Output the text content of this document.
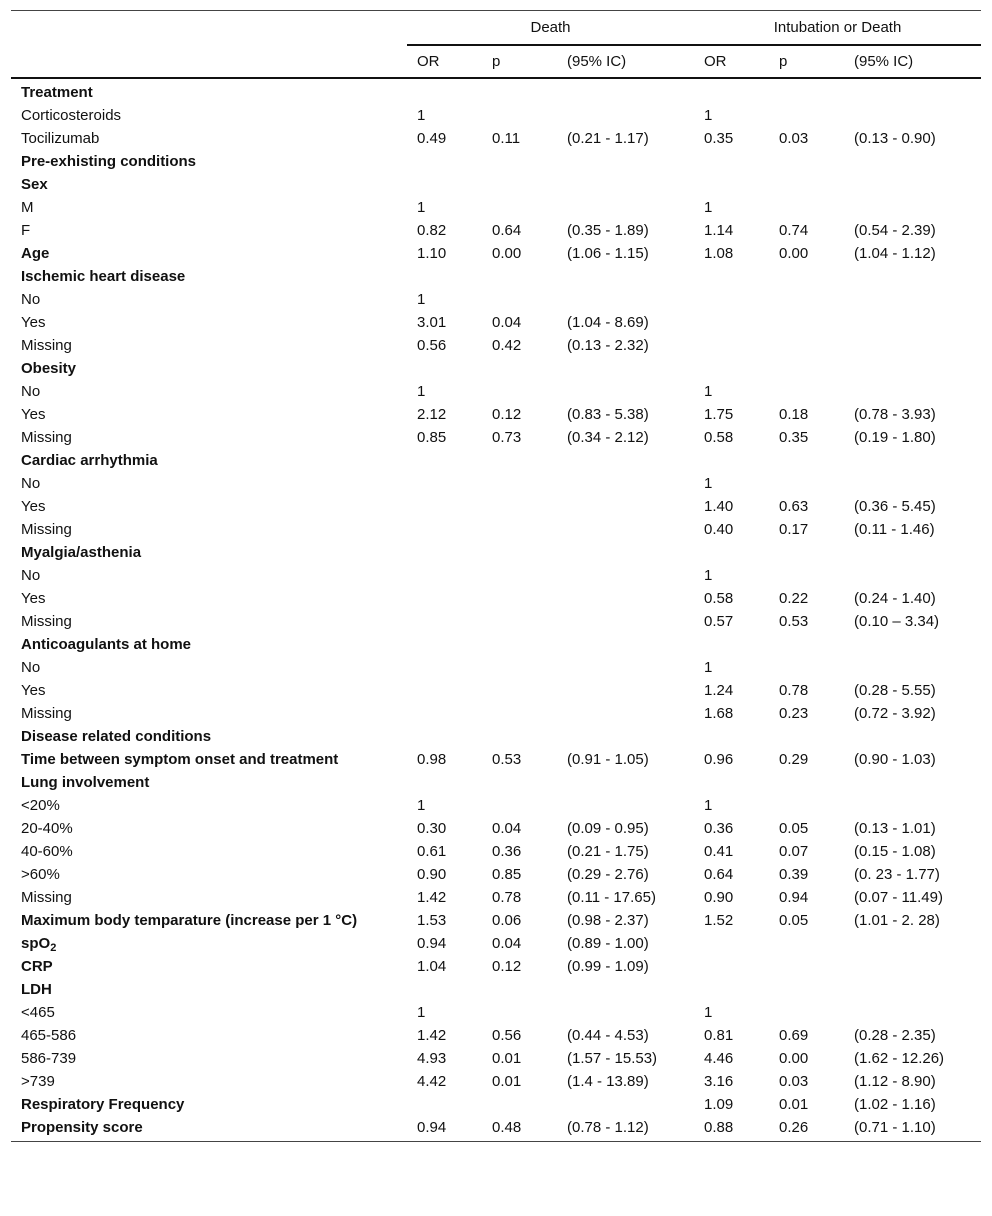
	Death			Intubation or Death		
	OR	p	(95% IC)	OR	p	(95% IC)
Treatment						
Corticosteroids	1			1		
Tocilizumab	0.49	0.11	(0.21 - 1.17)	0.35	0.03	(0.13 - 0.90)
Pre-exhisting conditions						
Sex						
M	1			1		
F	0.82	0.64	(0.35 - 1.89)	1.14	0.74	(0.54 - 2.39)
Age	1.10	0.00	(1.06 - 1.15)	1.08	0.00	(1.04 - 1.12)
Ischemic heart disease						
No	1					
Yes	3.01	0.04	(1.04 - 8.69)			
Missing	0.56	0.42	(0.13 - 2.32)			
Obesity						
No	1			1		
Yes	2.12	0.12	(0.83 - 5.38)	1.75	0.18	(0.78 - 3.93)
Missing	0.85	0.73	(0.34 - 2.12)	0.58	0.35	(0.19 - 1.80)
Cardiac arrhythmia						
No				1		
Yes				1.40	0.63	(0.36 - 5.45)
Missing				0.40	0.17	(0.11 - 1.46)
Myalgia/asthenia						
No				1		
Yes				0.58	0.22	(0.24 - 1.40)
Missing				0.57	0.53	(0.10 – 3.34)
Anticoagulants at home						
No				1		
Yes				1.24	0.78	(0.28 - 5.55)
Missing				1.68	0.23	(0.72 - 3.92)
Disease related conditions						
Time between symptom onset and treatment	0.98	0.53	(0.91 - 1.05)	0.96	0.29	(0.90 - 1.03)
Lung involvement						
<20%	1			1		
20-40%	0.30	0.04	(0.09 - 0.95)	0.36	0.05	(0.13 - 1.01)
40-60%	0.61	0.36	(0.21 - 1.75)	0.41	0.07	(0.15 - 1.08)
>60%	0.90	0.85	(0.29 - 2.76)	0.64	0.39	(0. 23 - 1.77)
Missing	1.42	0.78	(0.11 - 17.65)	0.90	0.94	(0.07 - 11.49)
Maximum body temparature (increase per 1 °C)	1.53	0.06	(0.98 - 2.37)	1.52	0.05	(1.01 - 2. 28)
spO$_2$	0.94	0.04	(0.89 - 1.00)			
CRP	1.04	0.12	(0.99 - 1.09)			
LDH						
<465	1			1		
465-586	1.42	0.56	(0.44 - 4.53)	0.81	0.69	(0.28 - 2.35)
586-739	4.93	0.01	(1.57 - 15.53)	4.46	0.00	(1.62 - 12.26)
>739	4.42	0.01	(1.4 - 13.89)	3.16	0.03	(1.12 - 8.90)
Respiratory Frequency				1.09	0.01	(1.02 - 1.16)
Propensity score	0.94	0.48	(0.78 - 1.12)	0.88	0.26	(0.71 - 1.10)
